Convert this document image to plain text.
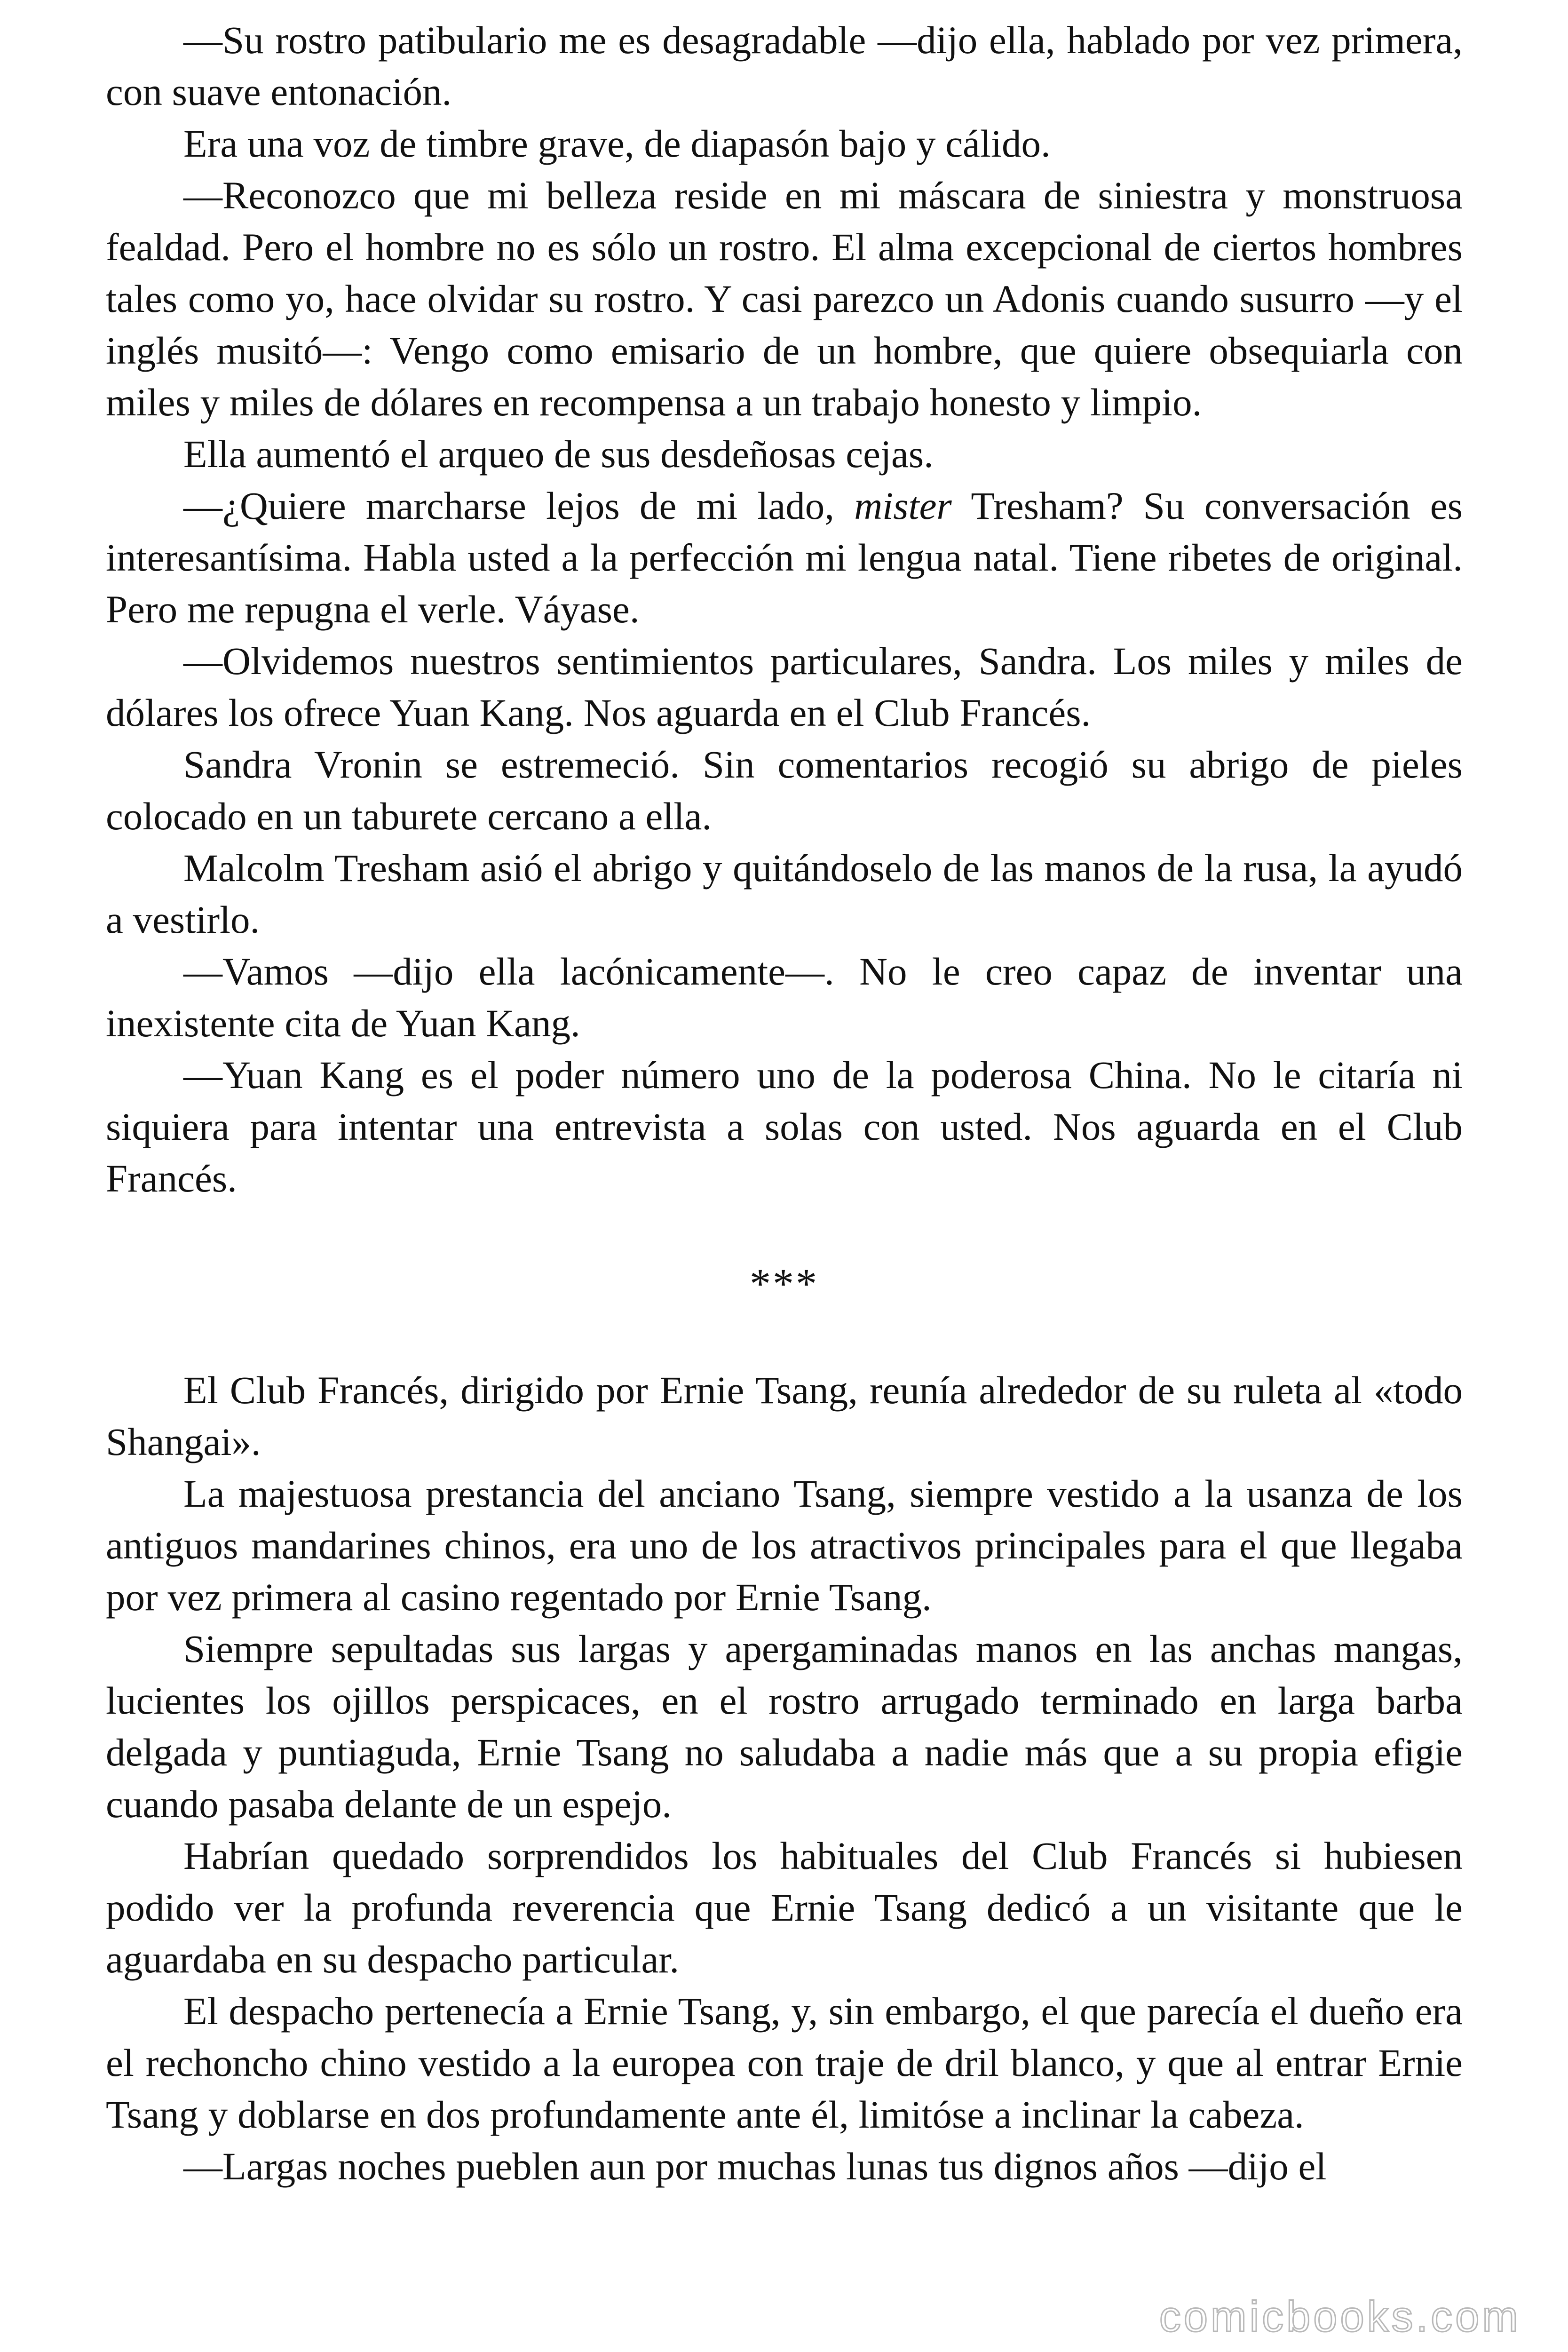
—Su rostro patibulario me es desagradable —dijo ella, hablado por vez primera, con suave entonación.

Era una voz de timbre grave, de diapasón bajo y cálido.

—Reconozco que mi belleza reside en mi máscara de siniestra y monstruosa fealdad. Pero el hombre no es sólo un rostro. El alma excepcional de ciertos hombres tales como yo, hace olvidar su rostro. Y casi parezco un Adonis cuando susurro —y el inglés musitó—: Vengo como emisario de un hombre, que quiere obsequiarla con miles y miles de dólares en recompensa a un trabajo honesto y limpio.

Ella aumentó el arqueo de sus desdeñosas cejas.

—¿Quiere marcharse lejos de mi lado, mister Tresham? Su conversación es interesantísima. Habla usted a la perfección mi lengua natal. Tiene ribetes de original. Pero me repugna el verle. Váyase.

—Olvidemos nuestros sentimientos particulares, Sandra. Los miles y miles de dólares los ofrece Yuan Kang. Nos aguarda en el Club Francés.

Sandra Vronin se estremeció. Sin comentarios recogió su abrigo de pieles colocado en un taburete cercano a ella.

Malcolm Tresham asió el abrigo y quitándoselo de las manos de la rusa, la ayudó a vestirlo.

—Vamos —dijo ella lacónicamente—. No le creo capaz de inventar una inexistente cita de Yuan Kang.

—Yuan Kang es el poder número uno de la poderosa China. No le citaría ni siquiera para intentar una entrevista a solas con usted. Nos aguarda en el Club Francés.

***

El Club Francés, dirigido por Ernie Tsang, reunía alrededor de su ruleta al «todo Shangai».

La majestuosa prestancia del anciano Tsang, siempre vestido a la usanza de los antiguos mandarines chinos, era uno de los atractivos principales para el que llegaba por vez primera al casino regentado por Ernie Tsang.

Siempre sepultadas sus largas y apergaminadas manos en las anchas mangas, lucientes los ojillos perspicaces, en el rostro arrugado terminado en larga barba delgada y puntiaguda, Ernie Tsang no saludaba a nadie más que a su propia efigie cuando pasaba delante de un espejo.

Habrían quedado sorprendidos los habituales del Club Francés si hubiesen podido ver la profunda reverencia que Ernie Tsang dedicó a un visitante que le aguardaba en su despacho particular.

El despacho pertenecía a Ernie Tsang, y, sin embargo, el que parecía el dueño era el rechoncho chino vestido a la europea con traje de dril blanco, y que al entrar Ernie Tsang y doblarse en dos profundamente ante él, limitóse a inclinar la cabeza.

—Largas noches pueblen aun por muchas lunas tus dignos años —dijo el

comicbooks.com
